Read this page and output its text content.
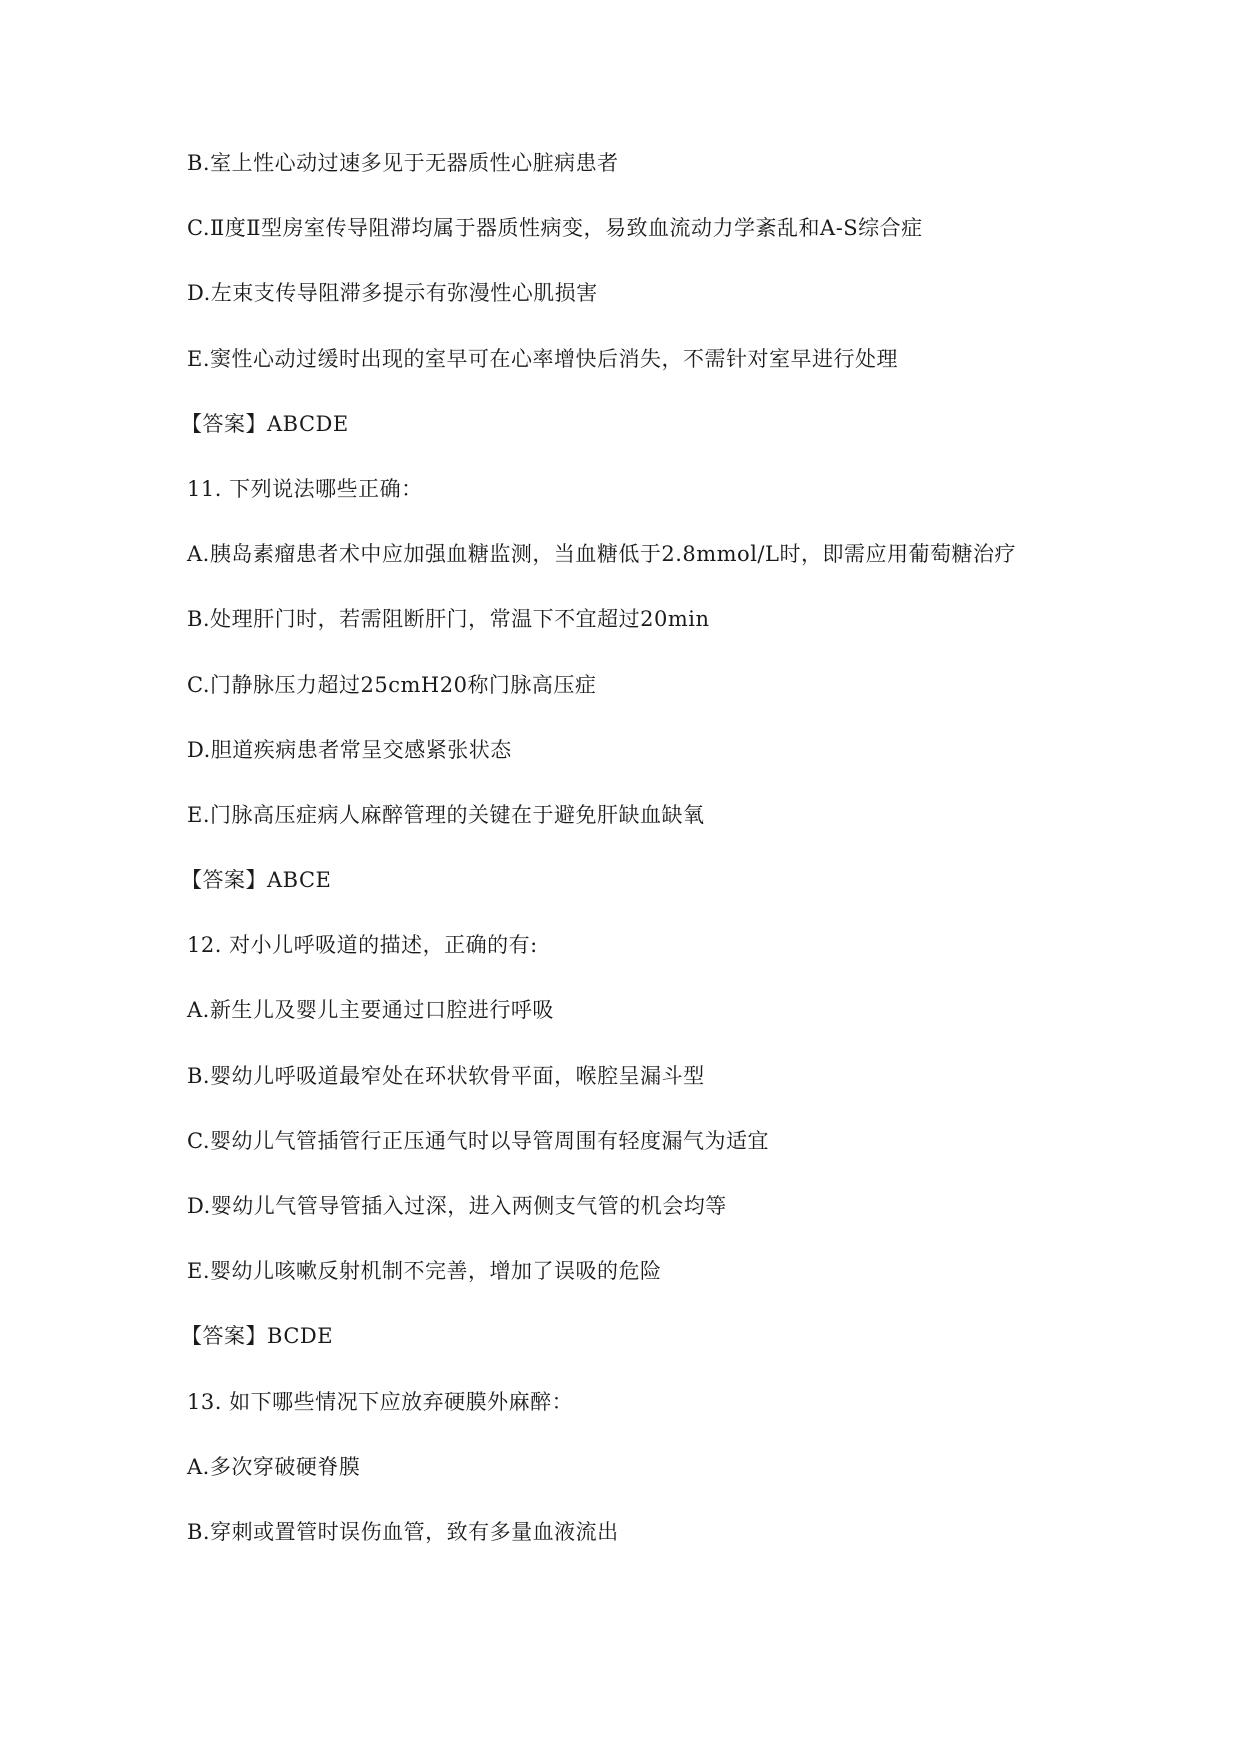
B.室上性心动过速多见于无器质性心脏病患者
C.Ⅱ度Ⅱ型房室传导阻滞均属于器质性病变，易致血流动力学紊乱和A-S综合症
D.左束支传导阻滞多提示有弥漫性心肌损害
E.窦性心动过缓时出现的室早可在心率增快后消失，不需针对室早进行处理
【答案】ABCDE
11. 下列说法哪些正确：
A.胰岛素瘤患者术中应加强血糖监测，当血糖低于2.8mmol/L时，即需应用葡萄糖治疗
B.处理肝门时，若需阻断肝门，常温下不宜超过20min
C.门静脉压力超过25cmH20称门脉高压症
D.胆道疾病患者常呈交感紧张状态
E.门脉高压症病人麻醉管理的关键在于避免肝缺血缺氧
【答案】ABCE
12. 对小儿呼吸道的描述，正确的有:
A.新生儿及婴儿主要通过口腔进行呼吸
B.婴幼儿呼吸道最窄处在环状软骨平面，喉腔呈漏斗型
C.婴幼儿气管插管行正压通气时以导管周围有轻度漏气为适宜
D.婴幼儿气管导管插入过深，进入两侧支气管的机会均等
E.婴幼儿咳嗽反射机制不完善，增加了误吸的危险
【答案】BCDE
13. 如下哪些情况下应放弃硬膜外麻醉：
A.多次穿破硬脊膜
B.穿刺或置管时误伤血管，致有多量血液流出
